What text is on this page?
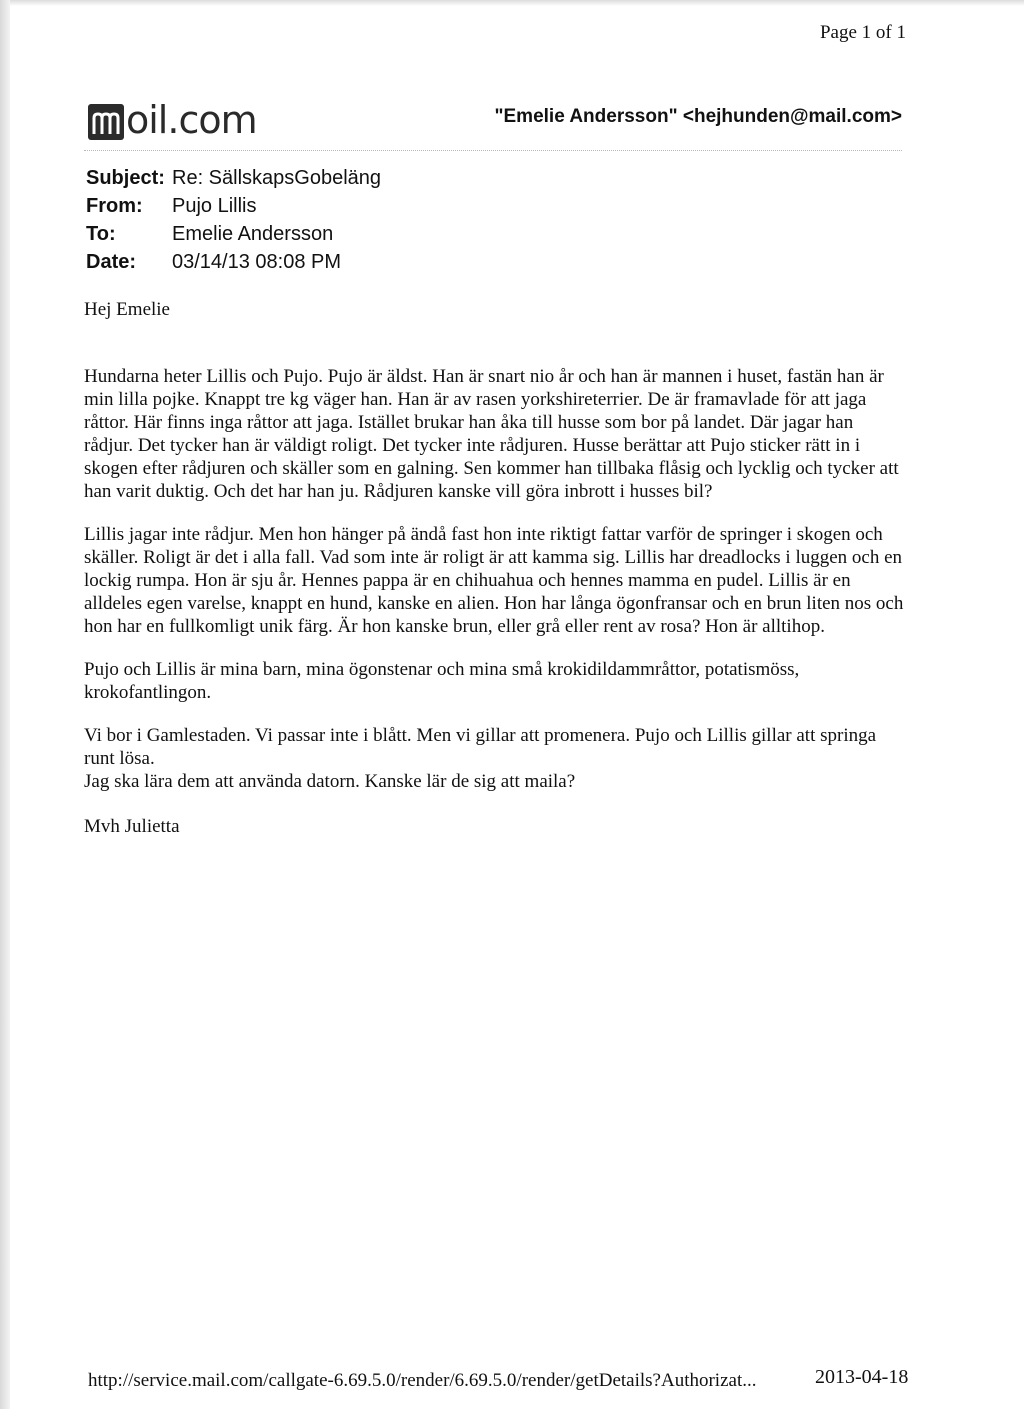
Page 1 of 1
oil.com	"Emelie Andersson" <hejhunden@mail.com>
Subject: Re: SällskapsGobeläng
From: Pujo Lillis
To:	Emelie Andersson
Date: 03/14/13 08:08 PM

Hej Emelie

Hundarna heter Lillis och Pujo. Pujo är äldst. Han är snart nio år och han är mannen i huset, fastän han är min lilla pojke. Knappt tre kg väger han. Han är av rasen yorkshireterrier. De är framavlade för att jaga råttor. Här finns inga råttor att jaga. Istället brukar han åka till husse som bor på landet. Där jagar han rådjur. Det tycker han är väldigt roligt. Det tycker inte rådjuren. Husse berättar att Pujo sticker rätt in i skogen efter rådjuren och skäller som en galning. Sen kommer han tillbaka flåsig och lycklig och tycker att han varit duktig. Och det har han ju. Rådjuren kanske vill göra inbrott i husses bil?

Lillis jagar inte rådjur. Men hon hänger på ändå fast hon inte riktigt fattar varför de springer i skogen och skäller. Roligt är det i alla fall. Vad som inte är roligt är att kamma sig. Lillis har dreadlocks i luggen och en lockig rumpa. Hon är sju år. Hennes pappa är en chihuahua och hennes mamma en pudel. Lillis är en alldeles egen varelse, knappt en hund, kanske en alien. Hon har långa ögonfransar och en brun liten nos och hon har en fullkomligt unik färg. Är hon kanske brun, eller grå eller rent av rosa? Hon är alltihop.

Pujo och Lillis är mina barn, mina ögonstenar och mina små krokidildammråttor, potatismöss, krokofantlingon.

Vi bor i Gamlestaden. Vi passar inte i blått. Men vi gillar att promenera. Pujo och Lillis gillar att springa runt lösa.

Jag ska lära dem att använda datorn. Kanske lär de sig att maila?

Mvh Julietta

http://service.mail.com/callgate-6.69.5.0/render/6.69.5.0/render/getDetails?Authorizat...	2013-04-18
